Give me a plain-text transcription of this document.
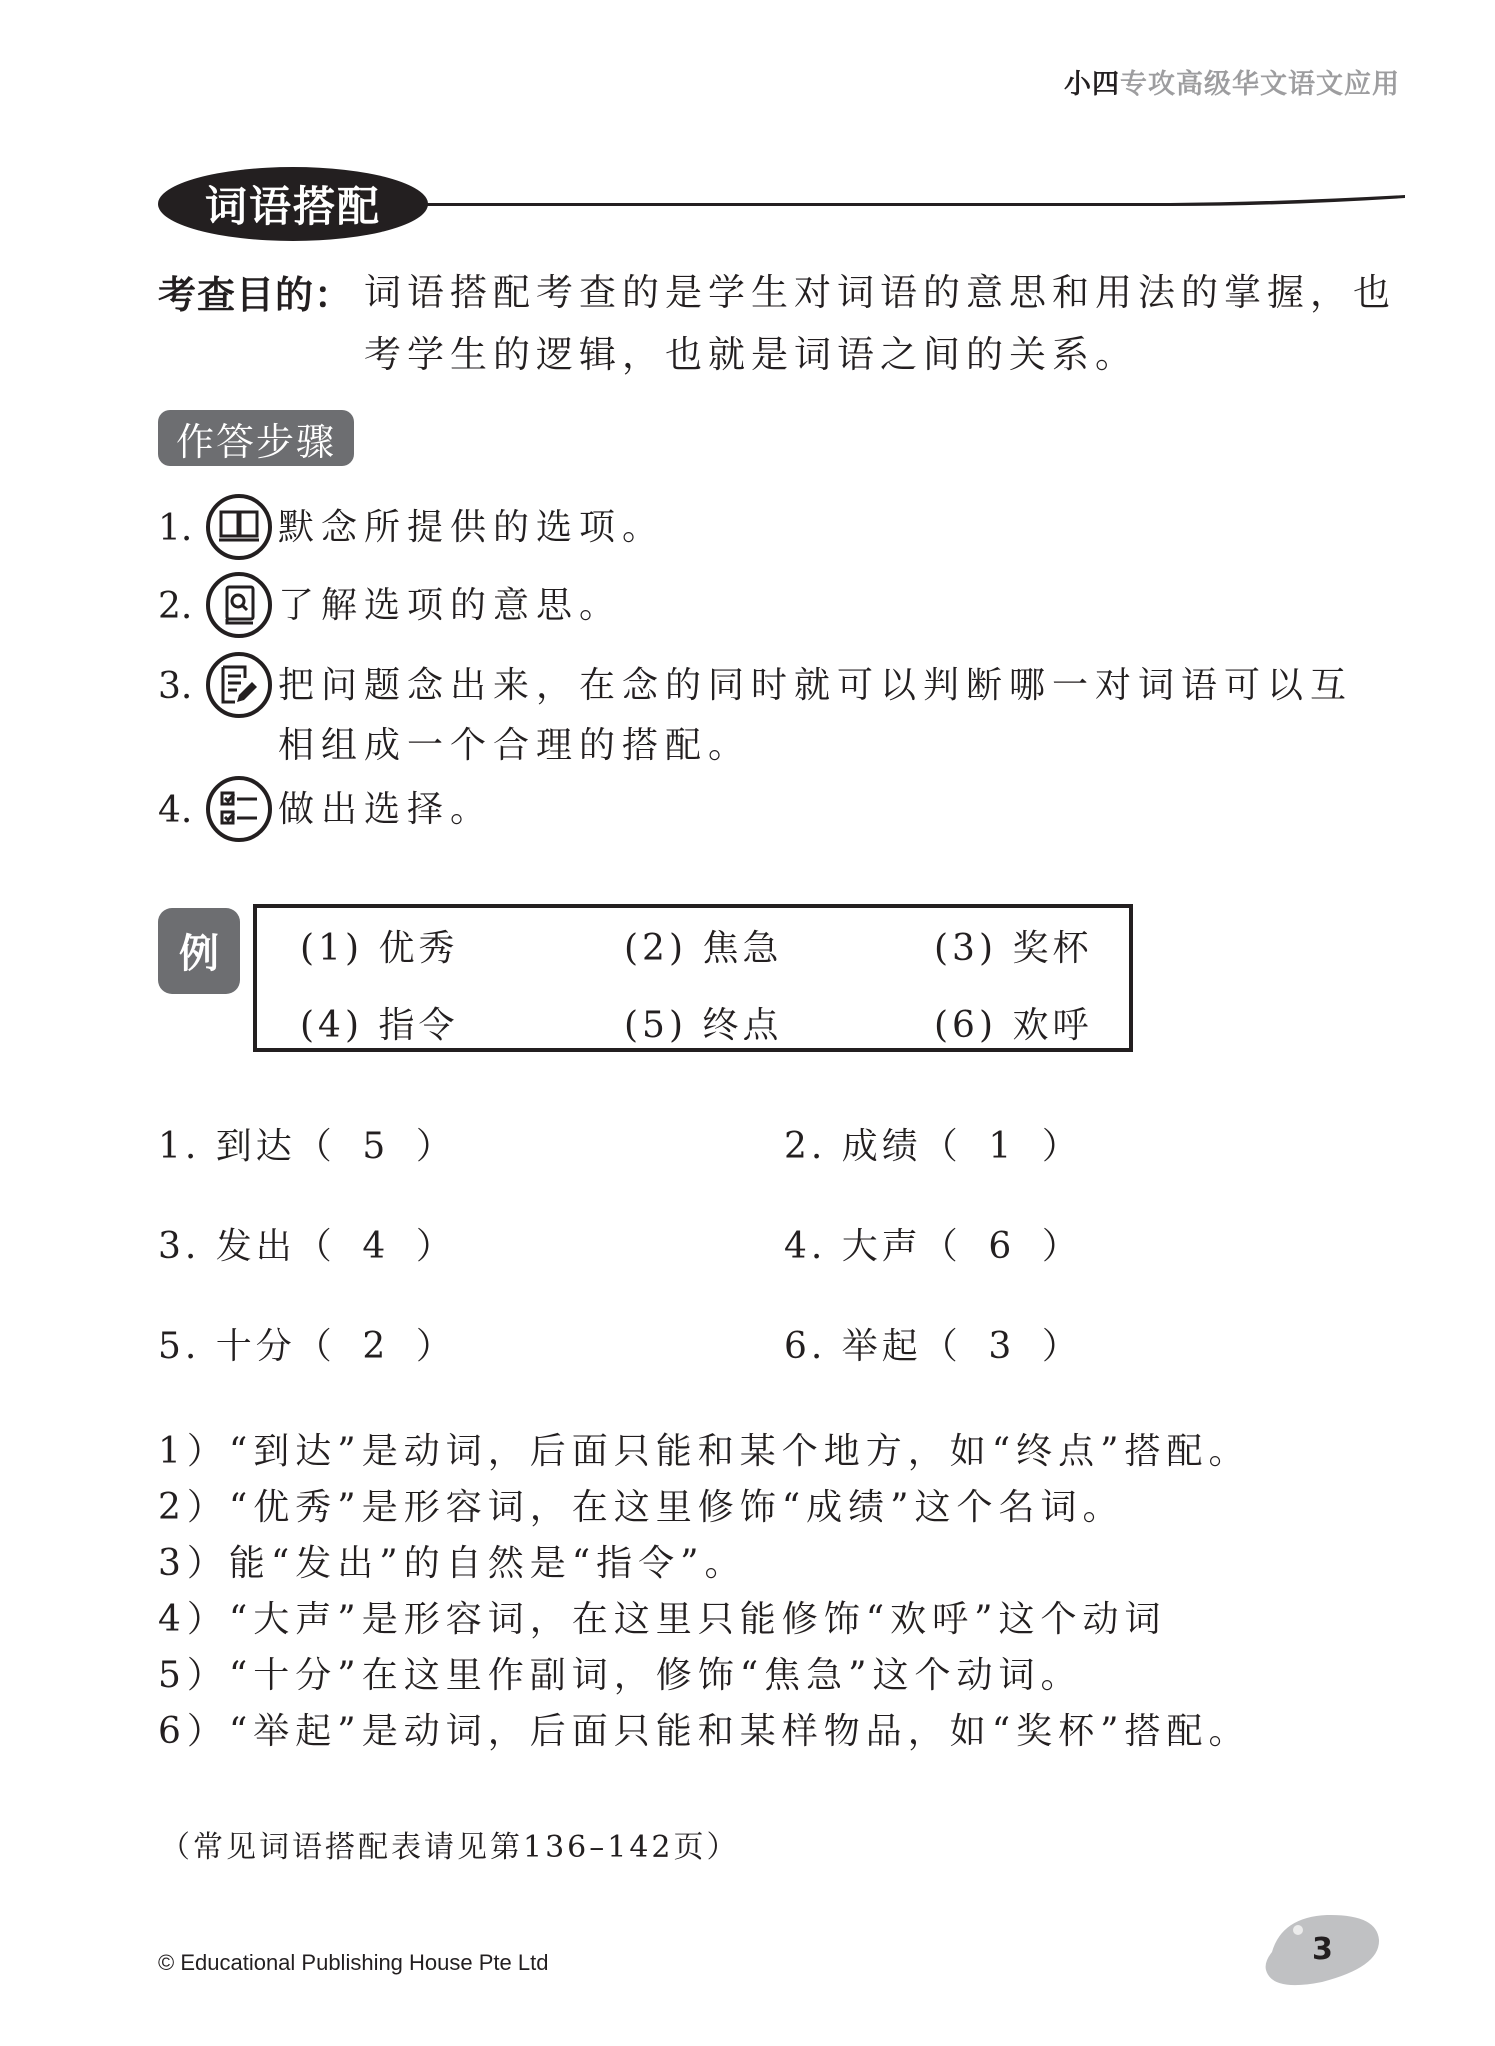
小四专攻高级华文语文应用
词语搭配
考查目的： 词语搭配考查的是学生对词语的意思和用法的掌握，也考学生的逻辑，也就是词语之间的关系。
作答步骤
1.	默念所提供的选项。
2.	了解选项的意思。
3.	把问题念出来，在念的同时就可以判断哪一对词语可以互相组成一个合理的搭配。
4.	做出选择。
例 (1) 优秀	(2) 焦急	(3) 奖杯
(4) 指令	(5) 终点	(6) 欢呼
1. 到达（ 5 ）	2. 成绩（ 1 ）
3. 发出（ 4 ）	4. 大声（ 6 ）
5. 十分（ 2 ）	6. 举起（ 3 ）
1）“到达”是动词，后面只能和某个地方，如“终点”搭配。
2）“优秀”是形容词，在这里修饰“成绩”这个名词。
3）能“发出”的自然是“指令”。
4）“大声”是形容词，在这里只能修饰“欢呼”这个动词
5）“十分”在这里作副词，修饰“焦急”这个动词。
6）“举起”是动词，后面只能和某样物品，如“奖杯”搭配。
（常见词语搭配表请见第136–142页）
© Educational Publishing House Pte Ltd	3
